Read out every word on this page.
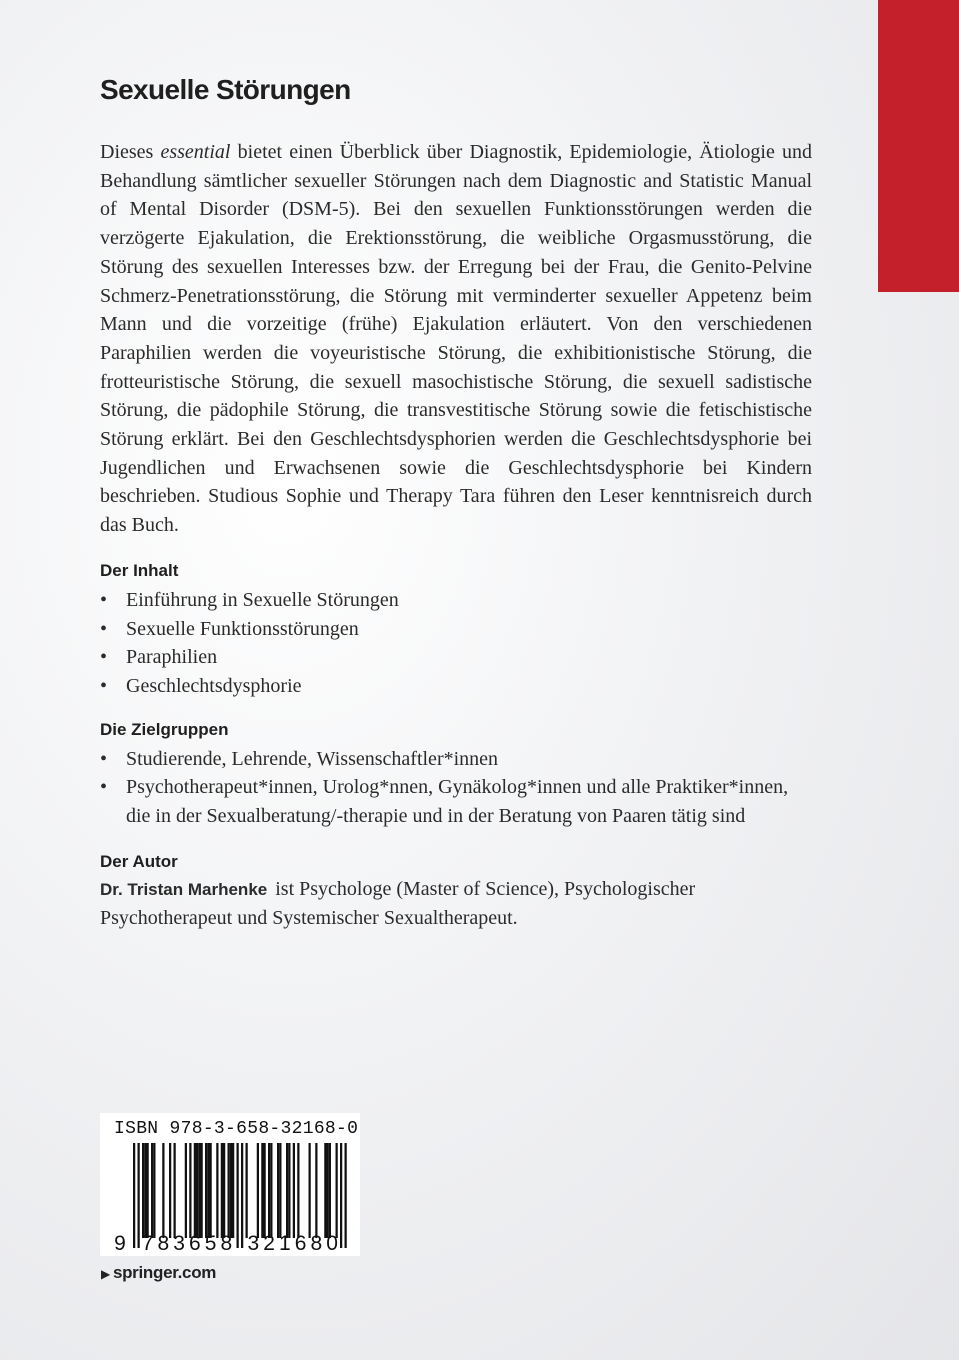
Sexuelle Störungen

Dieses essential bietet einen Überblick über Diagnostik, Epidemiologie, Ätiologie und Behandlung sämtlicher sexueller Störungen nach dem Diagnostic and Statistic Manual of Mental Disorder (DSM-5). Bei den sexuellen Funktionsstörungen werden die verzögerte Ejakulation, die Erektionsstörung, die weibliche Orgasmusstörung, die Störung des sexuellen Interesses bzw. der Erregung bei der Frau, die Genito-Pelvine Schmerz-Penetrationsstörung, die Störung mit verminderter sexueller Appetenz beim Mann und die vorzeitige (frühe) Ejakulation erläutert. Von den verschiedenen Paraphilien werden die voyeuristische Störung, die exhibitionistische Störung, die frotteuristische Störung, die sexuell masochistische Störung, die sexuell sadistische Störung, die pädophile Störung, die transvestitische Störung sowie die fetischistische Störung erklärt. Bei den Geschlechtsdysphorien werden die Geschlechtsdysphorie bei Jugendlichen und Erwachsenen sowie die Geschlechtsdysphorie bei Kindern beschrieben. Studious Sophie und Therapy Tara führen den Leser kenntnisreich durch das Buch.

Der Inhalt
• Einführung in Sexuelle Störungen
• Sexuelle Funktionsstörungen
• Paraphilien
• Geschlechtsdysphorie
Die Zielgruppen
• Studierende, Lehrende, Wissenschaftler*innen
• Psychotherapeut*innen, Urolog*nnen, Gynäkolog*innen und alle Praktiker*innen, die in der Sexualberatung/-therapie und in der Beratung von Paaren tätig sind
Der Autor

Dr. Tristan Marhenke ist Psychologe (Master of Science), Psychologischer Psychotherapeut und Systemischer Sexualtherapeut.

ISBN 978-3-658-32168-0
9 7 8 3 6 5 8 3 2 1 6 8 0
▶ springer.com
